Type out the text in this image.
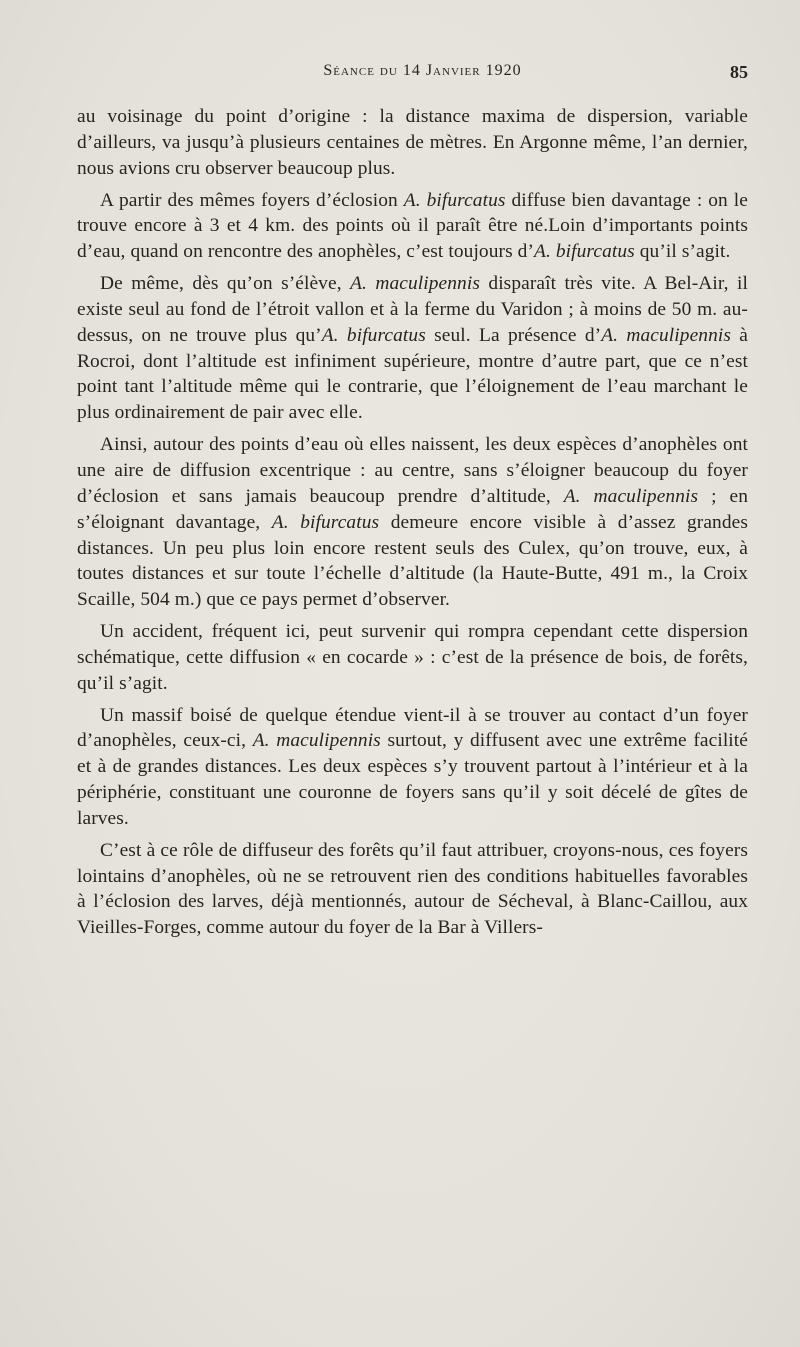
Séance du 14 Janvier 1920	85

au voisinage du point d’origine : la distance maxima de dispersion, variable d’ailleurs, va jusqu’à plusieurs centaines de mètres. En Argonne même, l’an dernier, nous avions cru observer beaucoup plus.

A partir des mêmes foyers d’éclosion A. bifurcatus diffuse bien davantage : on le trouve encore à 3 et 4 km. des points où il paraît être né.Loin d’importants points d’eau, quand on rencontre des anophèles, c’est toujours d’A. bifurcatus qu’il s’agit.

De même, dès qu’on s’élève, A. maculipennis disparaît très vite. A Bel-Air, il existe seul au fond de l’étroit vallon et à la ferme du Varidon ; à moins de 50 m. au-dessus, on ne trouve plus qu’A. bifurcatus seul. La présence d’A. maculipennis à Rocroi, dont l’altitude est infiniment supérieure, montre d’autre part, que ce n’est point tant l’altitude même qui le contrarie, que l’éloignement de l’eau marchant le plus ordinairement de pair avec elle.

Ainsi, autour des points d’eau où elles naissent, les deux espèces d’anophèles ont une aire de diffusion excentrique : au centre, sans s’éloigner beaucoup du foyer d’éclosion et sans jamais beaucoup prendre d’altitude, A. maculipennis ; en s’éloignant davantage, A. bifurcatus demeure encore visible à d’assez grandes distances. Un peu plus loin encore restent seuls des Culex, qu’on trouve, eux, à toutes distances et sur toute l’échelle d’altitude (la Haute-Butte, 491 m., la Croix Scaille, 504 m.) que ce pays permet d’observer.

Un accident, fréquent ici, peut survenir qui rompra cependant cette dispersion schématique, cette diffusion « en cocarde » : c’est de la présence de bois, de forêts, qu’il s’agit.

Un massif boisé de quelque étendue vient-il à se trouver au contact d’un foyer d’anophèles, ceux-ci, A. maculipennis surtout, y diffusent avec une extrême facilité et à de grandes distances. Les deux espèces s’y trouvent partout à l’intérieur et à la périphérie, constituant une couronne de foyers sans qu’il y soit décelé de gîtes de larves.

C’est à ce rôle de diffuseur des forêts qu’il faut attribuer, croyons-nous, ces foyers lointains d’anophèles, où ne se retrouvent rien des conditions habituelles favorables à l’éclosion des larves, déjà mentionnés, autour de Sécheval, à Blanc-Caillou, aux Vieilles-Forges, comme autour du foyer de la Bar à Villers-
